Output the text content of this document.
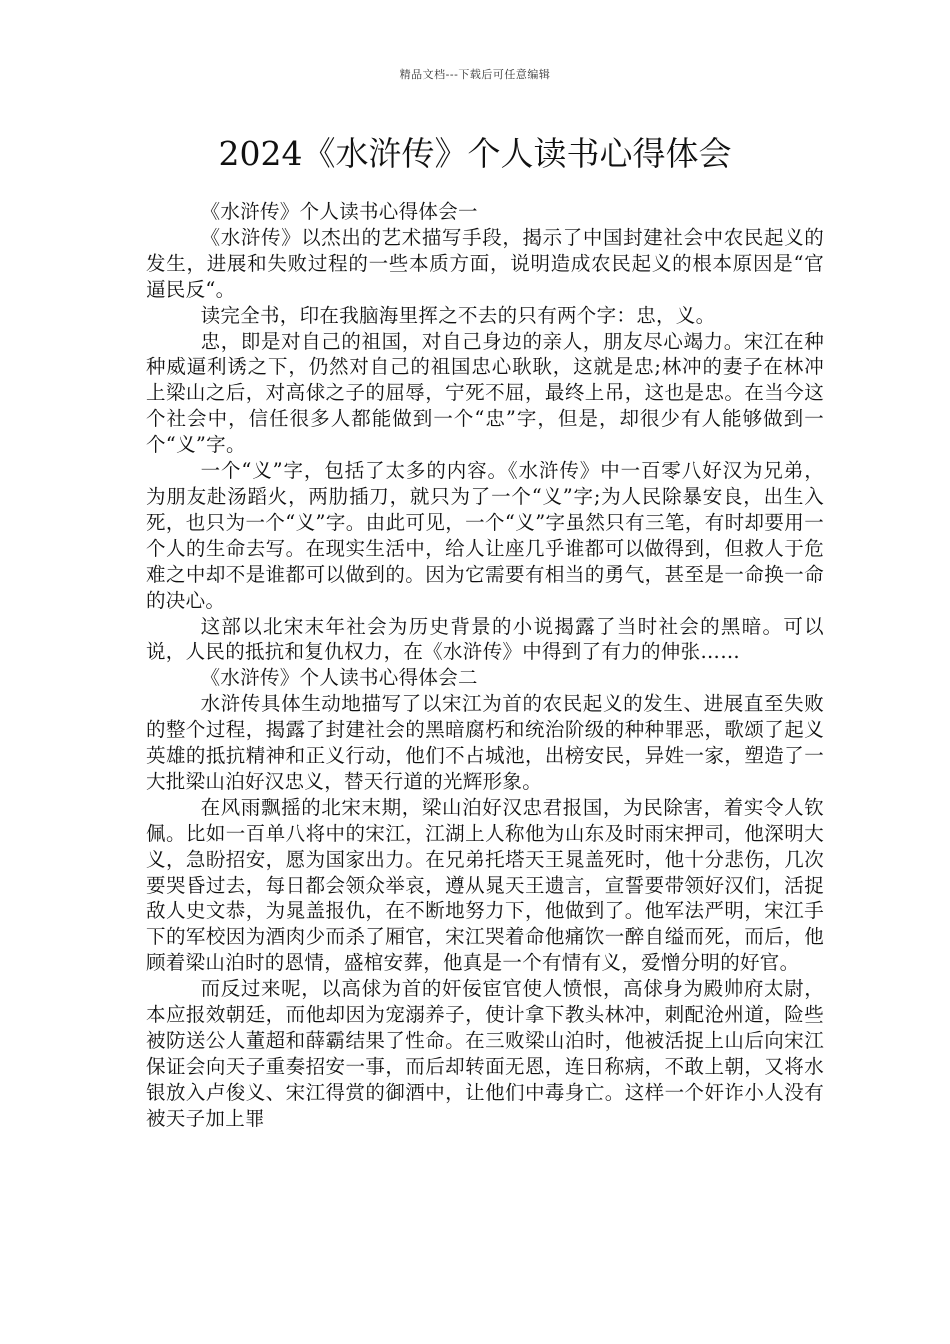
精品文档---下载后可任意编辑
2024《水浒传》个人读书心得体会

《水浒传》个人读书心得体会一

《水浒传》以杰出的艺术描写手段，揭示了中国封建社会中农民起义的发生，进展和失败过程的一些本质方面，说明造成农民起义的根本原因是“官逼民反“。

读完全书，印在我脑海里挥之不去的只有两个字：忠，义。

忠，即是对自己的祖国，对自己身边的亲人，朋友尽心竭力。宋江在种种威逼利诱之下，仍然对自己的祖国忠心耿耿，这就是忠;林冲的妻子在林冲上梁山之后，对高俅之子的屈辱，宁死不屈，最终上吊，这也是忠。在当今这个社会中，信任很多人都能做到一个“忠”字，但是，却很少有人能够做到一个“义”字。

一个“义”字，包括了太多的内容。《水浒传》中一百零八好汉为兄弟，为朋友赴汤蹈火，两肋插刀，就只为了一个“义”字;为人民除暴安良，出生入死，也只为一个“义”字。由此可见，一个“义”字虽然只有三笔，有时却要用一个人的生命去写。在现实生活中，给人让座几乎谁都可以做得到，但救人于危难之中却不是谁都可以做到的。因为它需要有相当的勇气，甚至是一命换一命的决心。

这部以北宋末年社会为历史背景的小说揭露了当时社会的黑暗。可以说，人民的抵抗和复仇权力，在《水浒传》中得到了有力的伸张……

《水浒传》个人读书心得体会二

水浒传具体生动地描写了以宋江为首的农民起义的发生、进展直至失败的整个过程，揭露了封建社会的黑暗腐朽和统治阶级的种种罪恶，歌颂了起义英雄的抵抗精神和正义行动，他们不占城池，出榜安民，异姓一家，塑造了一大批梁山泊好汉忠义，替天行道的光辉形象。

在风雨飘摇的北宋末期，梁山泊好汉忠君报国，为民除害，着实令人钦佩。比如一百单八将中的宋江，江湖上人称他为山东及时雨宋押司，他深明大义，急盼招安，愿为国家出力。在兄弟托塔天王晁盖死时，他十分悲伤，几次要哭昏过去，每日都会领众举哀，遵从晁天王遗言，宣誓要带领好汉们，活捉敌人史文恭，为晁盖报仇，在不断地努力下，他做到了。他军法严明，宋江手下的军校因为酒肉少而杀了厢官，宋江哭着命他痛饮一醉自缢而死，而后，他顾着梁山泊时的恩情，盛棺安葬，他真是一个有情有义，爱憎分明的好官。

而反过来呢，以高俅为首的奸佞宦官使人愤恨，高俅身为殿帅府太尉，本应报效朝廷，而他却因为宠溺养子，使计拿下教头林冲，刺配沧州道，险些被防送公人董超和薛霸结果了性命。在三败梁山泊时，他被活捉上山后向宋江保证会向天子重奏招安一事，而后却转面无恩，连日称病，不敢上朝，又将水银放入卢俊义、宋江得赏的御酒中，让他们中毒身亡。这样一个奸诈小人没有被天子加上罪
